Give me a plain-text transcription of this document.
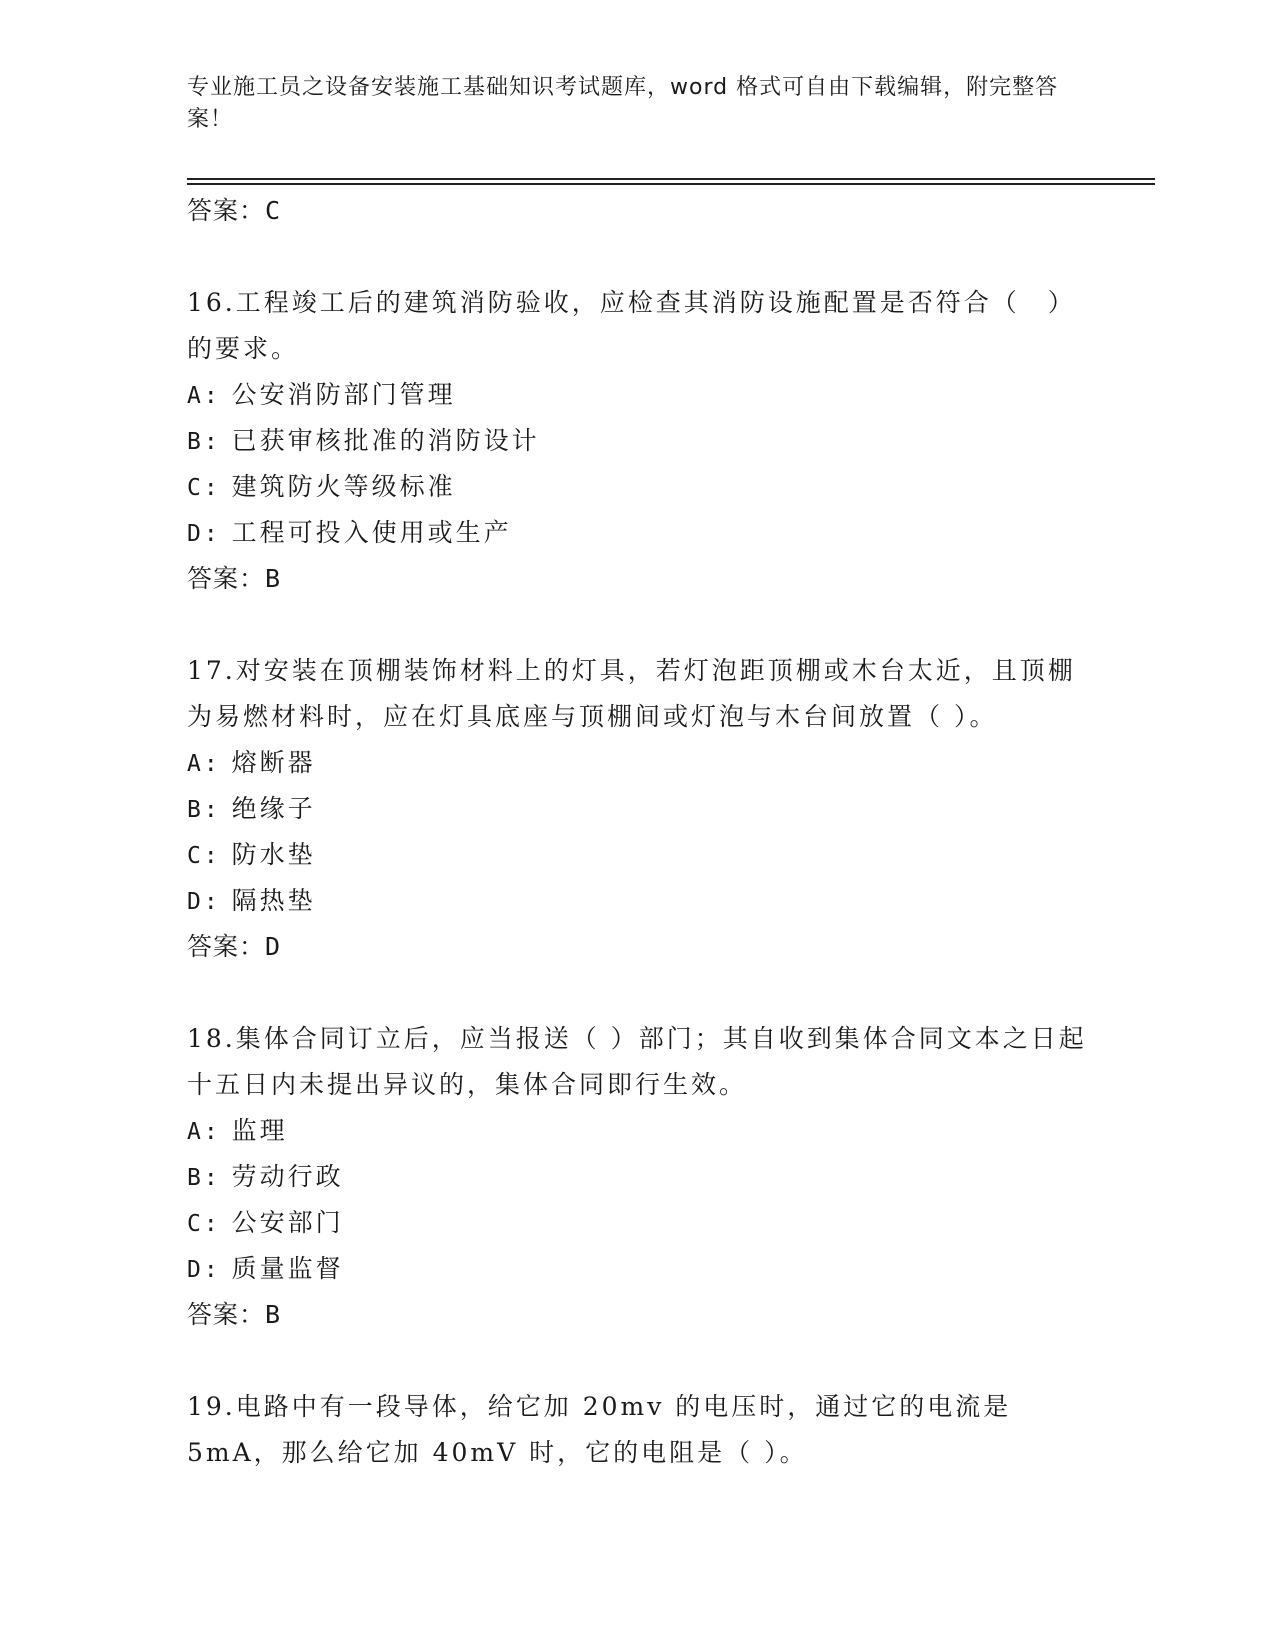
专业施工员之设备安装施工基础知识考试题库，word 格式可自由下载编辑，附完整答案！
答案：C
16.工程竣工后的建筑消防验收，应检查其消防设施配置是否符合（　）的要求。
A: 公安消防部门管理
B: 已获审核批准的消防设计
C: 建筑防火等级标准
D: 工程可投入使用或生产
答案：B
17.对安装在顶棚装饰材料上的灯具，若灯泡距顶棚或木台太近，且顶棚为易燃材料时，应在灯具底座与顶棚间或灯泡与木台间放置（ ）。
A: 熔断器
B: 绝缘子
C: 防水垫
D: 隔热垫
答案：D
18.集体合同订立后，应当报送（ ）部门；其自收到集体合同文本之日起十五日内未提出异议的，集体合同即行生效。
A: 监理
B: 劳动行政
C: 公安部门
D: 质量监督
答案：B
19.电路中有一段导体，给它加 20mv 的电压时，通过它的电流是 5mA，那么给它加 40mV 时，它的电阻是（ ）。
